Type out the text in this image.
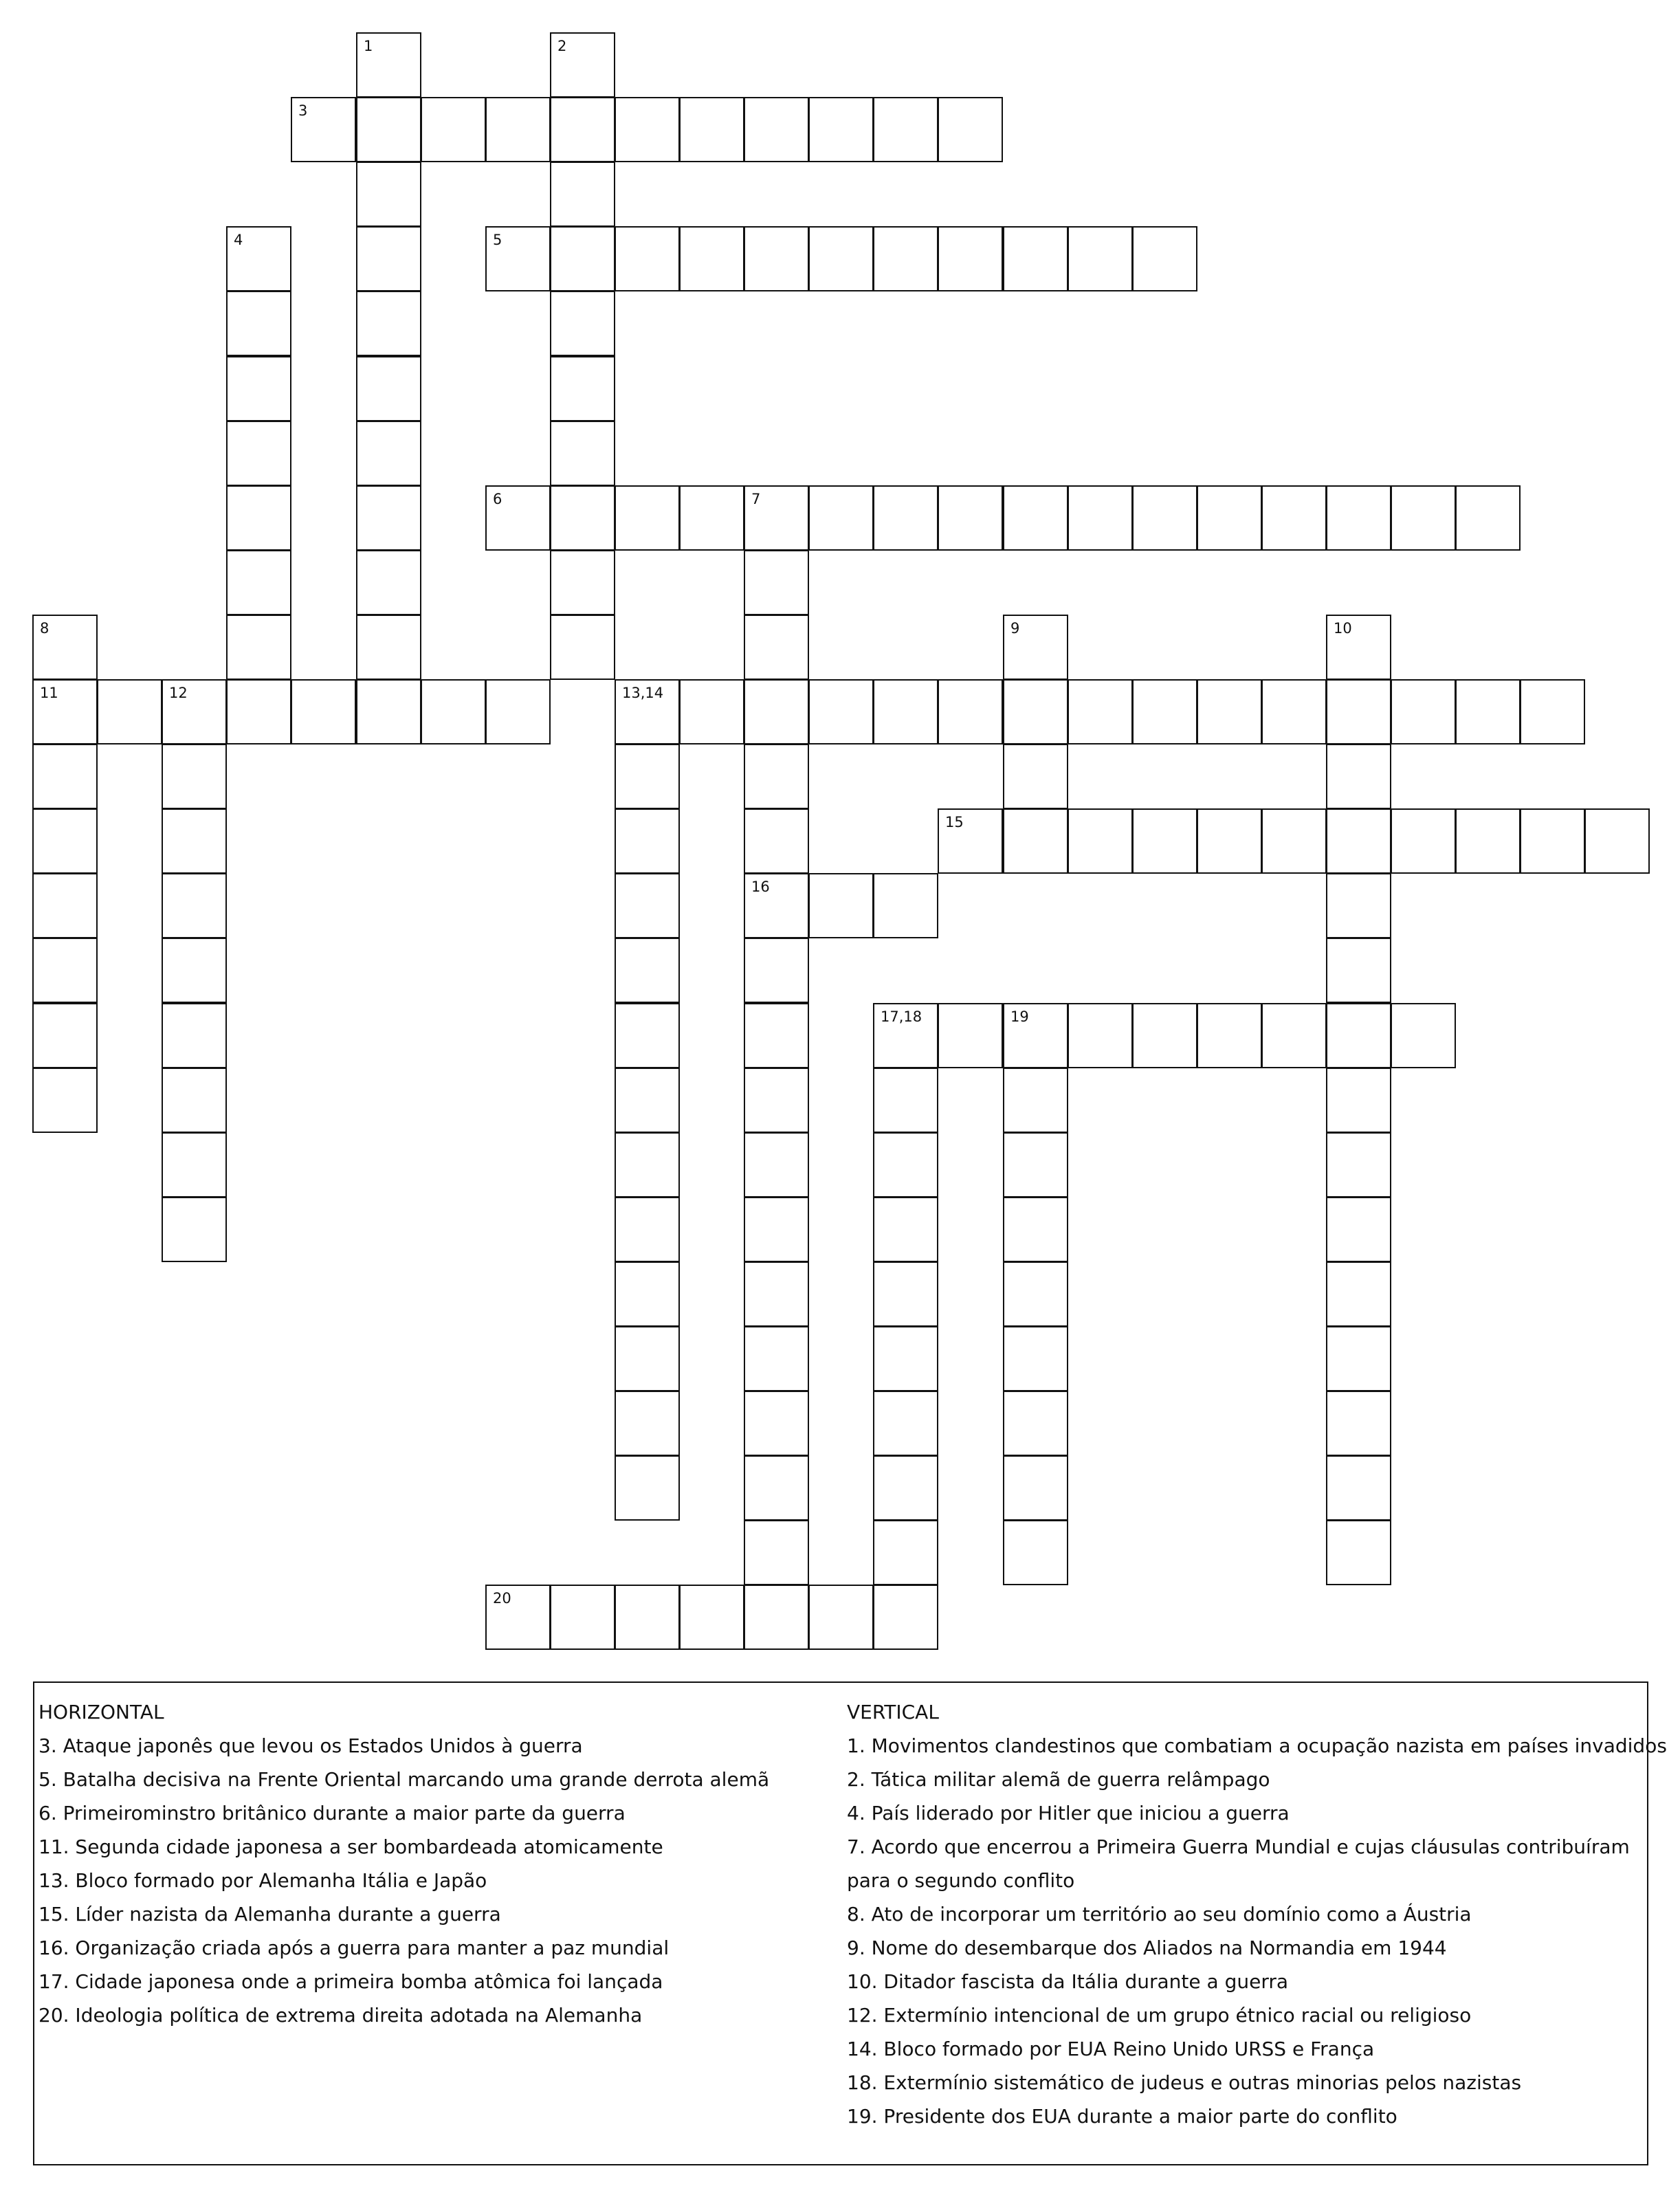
1	2
3
4	5
6	7
8	9	10
11	12	13,14
15
16
17,18	19
20
HORIZONTAL
3. Ataque japonês que levou os Estados Unidos à guerra
5. Batalha decisiva na Frente Oriental marcando uma grande derrota alemã
6. Primeirominstro britânico durante a maior parte da guerra
11. Segunda cidade japonesa a ser bombardeada atomicamente
13. Bloco formado por Alemanha Itália e Japão
15. Líder nazista da Alemanha durante a guerra
16. Organização criada após a guerra para manter a paz mundial
17. Cidade japonesa onde a primeira bomba atômica foi lançada
20. Ideologia política de extrema direita adotada na Alemanha
VERTICAL
1. Movimentos clandestinos que combatiam a ocupação nazista em países invadidos
2. Tática militar alemã de guerra relâmpago
4. País liderado por Hitler que iniciou a guerra
7. Acordo que encerrou a Primeira Guerra Mundial e cujas cláusulas contribuíram para o segundo conflito
8. Ato de incorporar um território ao seu domínio como a Áustria
9. Nome do desembarque dos Aliados na Normandia em 1944
10. Ditador fascista da Itália durante a guerra
12. Extermínio intencional de um grupo étnico racial ou religioso
14. Bloco formado por EUA Reino Unido URSS e França
18. Extermínio sistemático de judeus e outras minorias pelos nazistas
19. Presidente dos EUA durante a maior parte do conflito
